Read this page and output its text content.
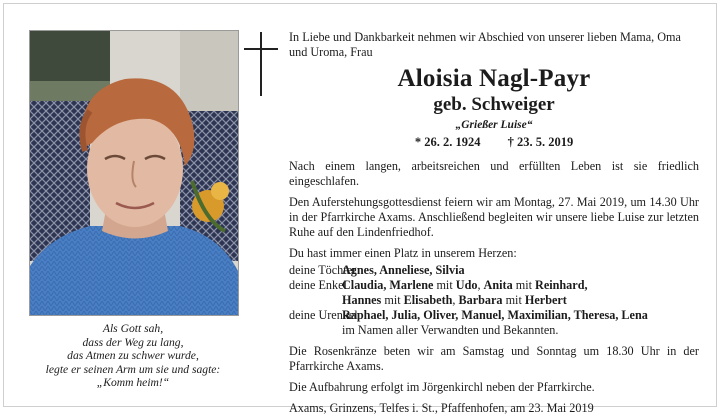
Als Gott sah,
dass der Weg zu lang,
das Atmen zu schwer wurde,
legte er seinen Arm um sie und sagte:
„Komm heim!“

In Liebe und Dankbarkeit nehmen wir Abschied von unserer lieben Mama, Oma und Uroma, Frau

Aloisia Nagl-Payr
geb. Schweiger
„Grießer Luise“
* 26. 2. 1924 † 23. 5. 2019
Nach einem langen, arbeitsreichen und erfüllten Leben ist sie friedlich eingeschlafen.
Den Auferstehungsgottesdienst feiern wir am Montag, 27. Mai 2019, um 14.30 Uhr in der Pfarrkirche Axams. Anschließend begleiten wir unsere liebe Luise zur letzten Ruhe auf den Lindenfriedhof.
Du hast immer einen Platz in unserem Herzen:
deine Töchter
Agnes, Anneliese, Silvia
deine Enkel
Claudia, Marlene mit Udo, Anita mit Reinhard,
Hannes mit Elisabeth, Barbara mit Herbert
deine Urenkel
Raphael, Julia, Oliver, Manuel, Maximilian, Theresa, Lena
im Namen aller Verwandten und Bekannten.
Die Rosenkränze beten wir am Samstag und Sonntag um 18.30 Uhr in der Pfarrkirche Axams.
Die Aufbahrung erfolgt im Jörgenkirchl neben der Pfarrkirche.
Axams, Grinzens, Telfes i. St., Pfaffenhofen, am 23. Mai 2019
